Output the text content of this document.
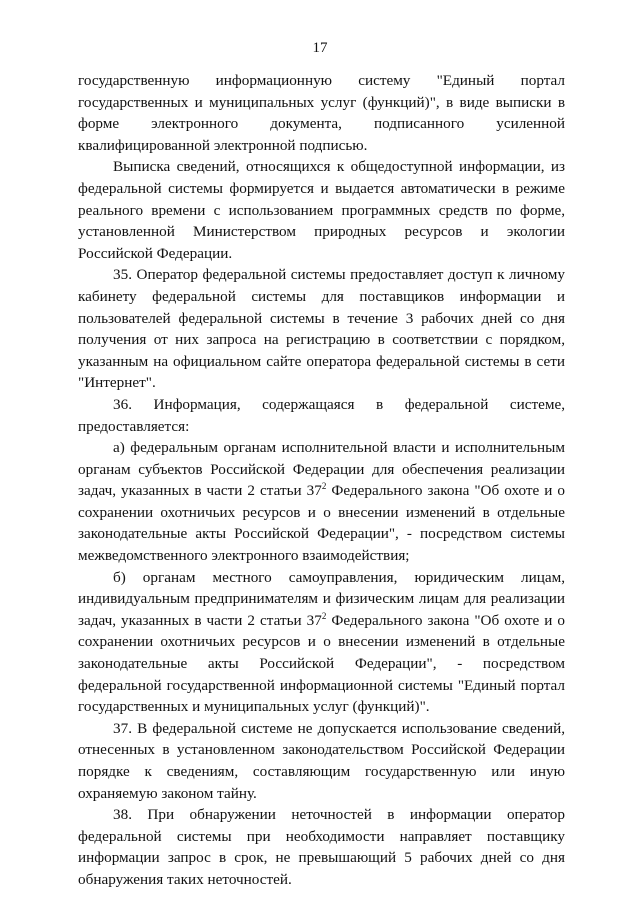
17

государственную информационную систему "Единый портал государственных и муниципальных услуг (функций)", в виде выписки в форме электронного документа, подписанного усиленной квалифицированной электронной подписью.

Выписка сведений, относящихся к общедоступной информации, из федеральной системы формируется и выдается автоматически в режиме реального времени с использованием программных средств по форме, установленной Министерством природных ресурсов и экологии Российской Федерации.

35. Оператор федеральной системы предоставляет доступ к личному кабинету федеральной системы для поставщиков информации и пользователей федеральной системы в течение 3 рабочих дней со дня получения от них запроса на регистрацию в соответствии с порядком, указанным на официальном сайте оператора федеральной системы в сети "Интернет".

36. Информация, содержащаяся в федеральной системе, предоставляется:

а) федеральным органам исполнительной власти и исполнительным органам субъектов Российской Федерации для обеспечения реализации задач, указанных в части 2 статьи $37^2$ Федерального закона "Об охоте и о сохранении охотничьих ресурсов и о внесении изменений в отдельные законодательные акты Российской Федерации", - посредством системы межведомственного электронного взаимодействия;

б) органам местного самоуправления, юридическим лицам, индивидуальным предпринимателям и физическим лицам для реализации задач, указанных в части 2 статьи $37^2$ Федерального закона "Об охоте и о сохранении охотничьих ресурсов и о внесении изменений в отдельные законодательные акты Российской Федерации", - посредством федеральной государственной информационной системы "Единый портал государственных и муниципальных услуг (функций)".

37. В федеральной системе не допускается использование сведений, отнесенных в установленном законодательством Российской Федерации порядке к сведениям, составляющим государственную или иную охраняемую законом тайну.

38. При обнаружении неточностей в информации оператор федеральной системы при необходимости направляет поставщику информации запрос в срок, не превышающий 5 рабочих дней со дня обнаружения таких неточностей.
